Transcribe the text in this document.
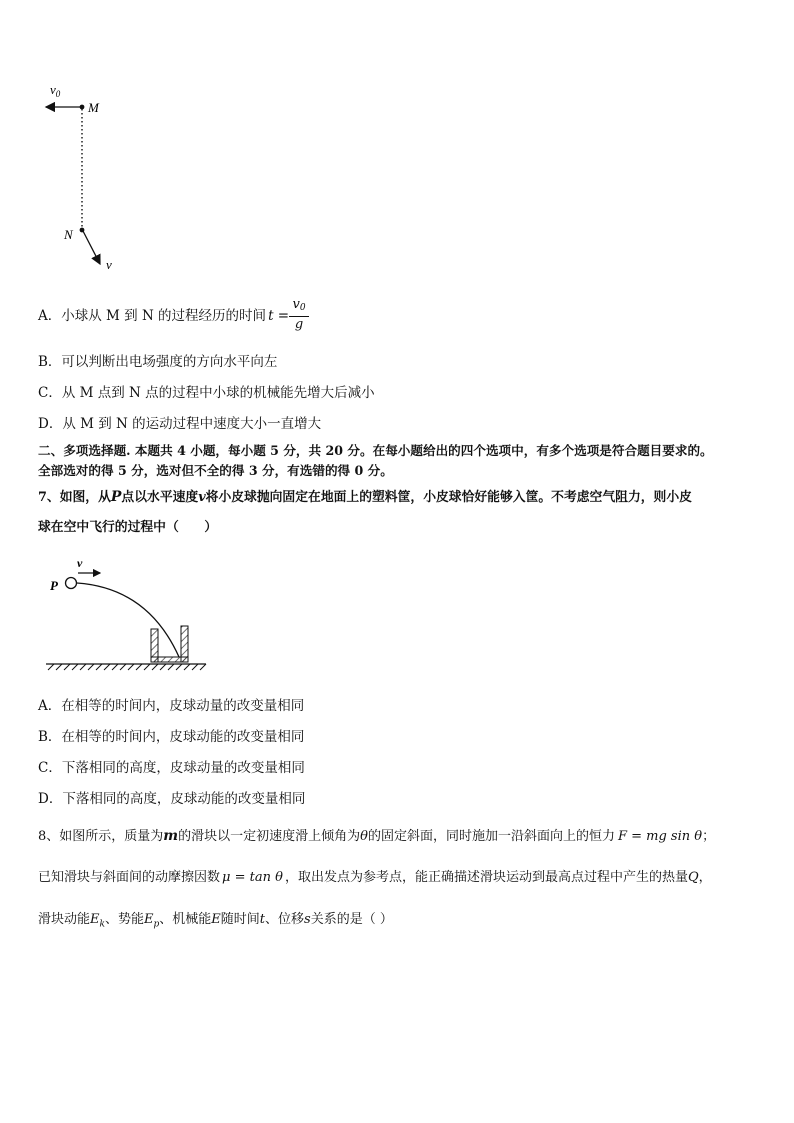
$v_0$
M
N
v
A．小球从 M 到 N 的过程经历的时间 $t = \frac{v0}{g}$
B．可以判断出电场强度的方向水平向左
C．从 M 点到 N 点的过程中小球的机械能先增大后减小
D．从 M 到 N 的运动过程中速度大小一直增大
二、多项选择题. 本题共 4 小题，每小题 5 分，共 20 分。在每小题给出的四个选项中，有多个选项是符合题目要求的。
全部选对的得 5 分，选对但不全的得 3 分，有选错的得 0 分。
7、如图，从P点以水平速度v将小皮球抛向固定在地面上的塑料筐，小皮球恰好能够入筐。不考虑空气阻力，则小皮
球在空中飞行的过程中（　　）
P
v
A．在相等的时间内，皮球动量的改变量相同
B．在相等的时间内，皮球动能的改变量相同
C．下落相同的高度，皮球动量的改变量相同
D．下落相同的高度，皮球动能的改变量相同
8、如图所示，质量为m的滑块以一定初速度滑上倾角为θ的固定斜面，同时施加一沿斜面向上的恒力 F = mg sin θ；
已知滑块与斜面间的动摩擦因数 μ = tan θ ，取出发点为参考点，能正确描述滑块运动到最高点过程中产生的热量Q，
滑块动能$E_k$、势能$E_p$、机械能E随时间t、位移s关系的是（ ）
